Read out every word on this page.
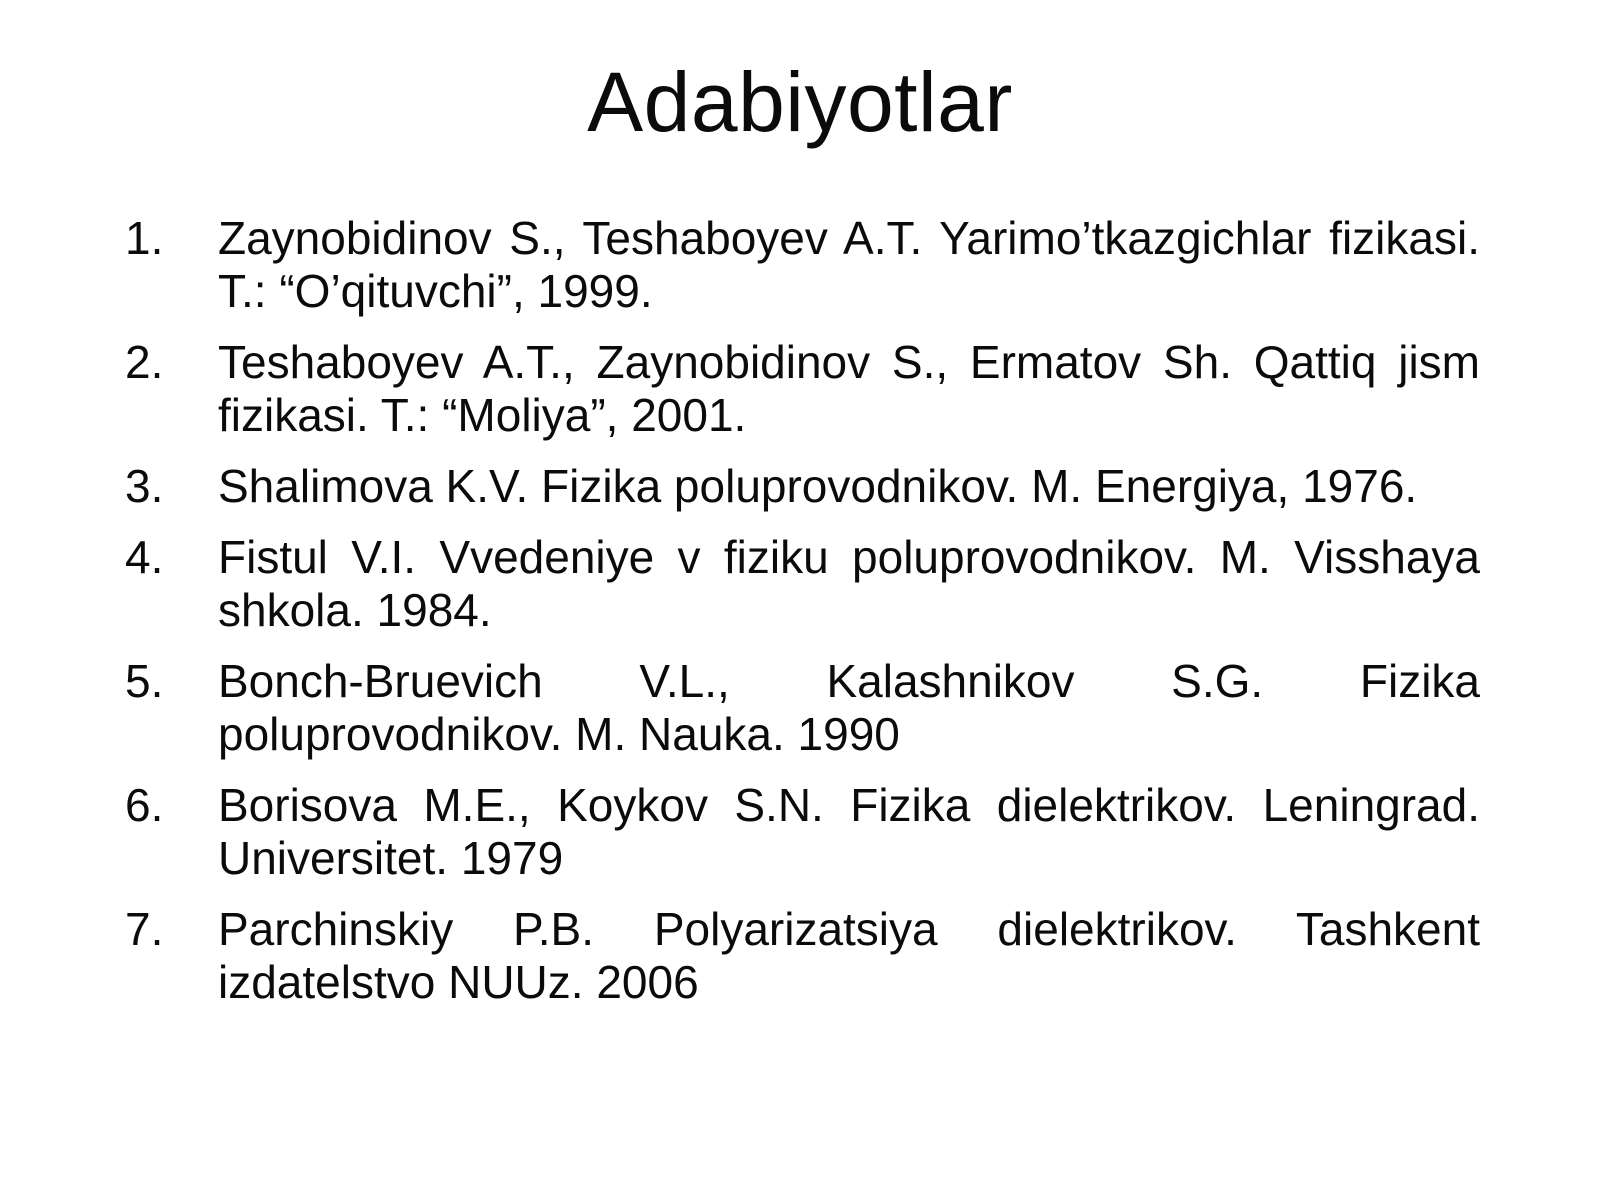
Adabiyotlar
1.	Zaynobidinov S., Teshaboyev A.T. Yarimo’tkazgichlar fizikasi. T.: “O’qituvchi”, 1999.
2.	Teshaboyev A.T., Zaynobidinov S., Ermatov Sh. Qattiq jism fizikasi. T.: “Moliya”, 2001.
3.	Shalimova K.V. Fizika poluprovodnikov. M. Energiya, 1976.
4.	Fistul V.I. Vvedeniye v fiziku poluprovodnikov. M. Visshaya shkola. 1984.
5.	Bonch-Bruevich V.L., Kalashnikov S.G. Fizika poluprovodnikov. M. Nauka. 1990
6.	Borisova M.E., Koykov S.N. Fizika dielektrikov. Leningrad. Universitet. 1979
7.	Parchinskiy P.B. Polyarizatsiya dielektrikov. Tashkent izdatelstvo NUUz. 2006
